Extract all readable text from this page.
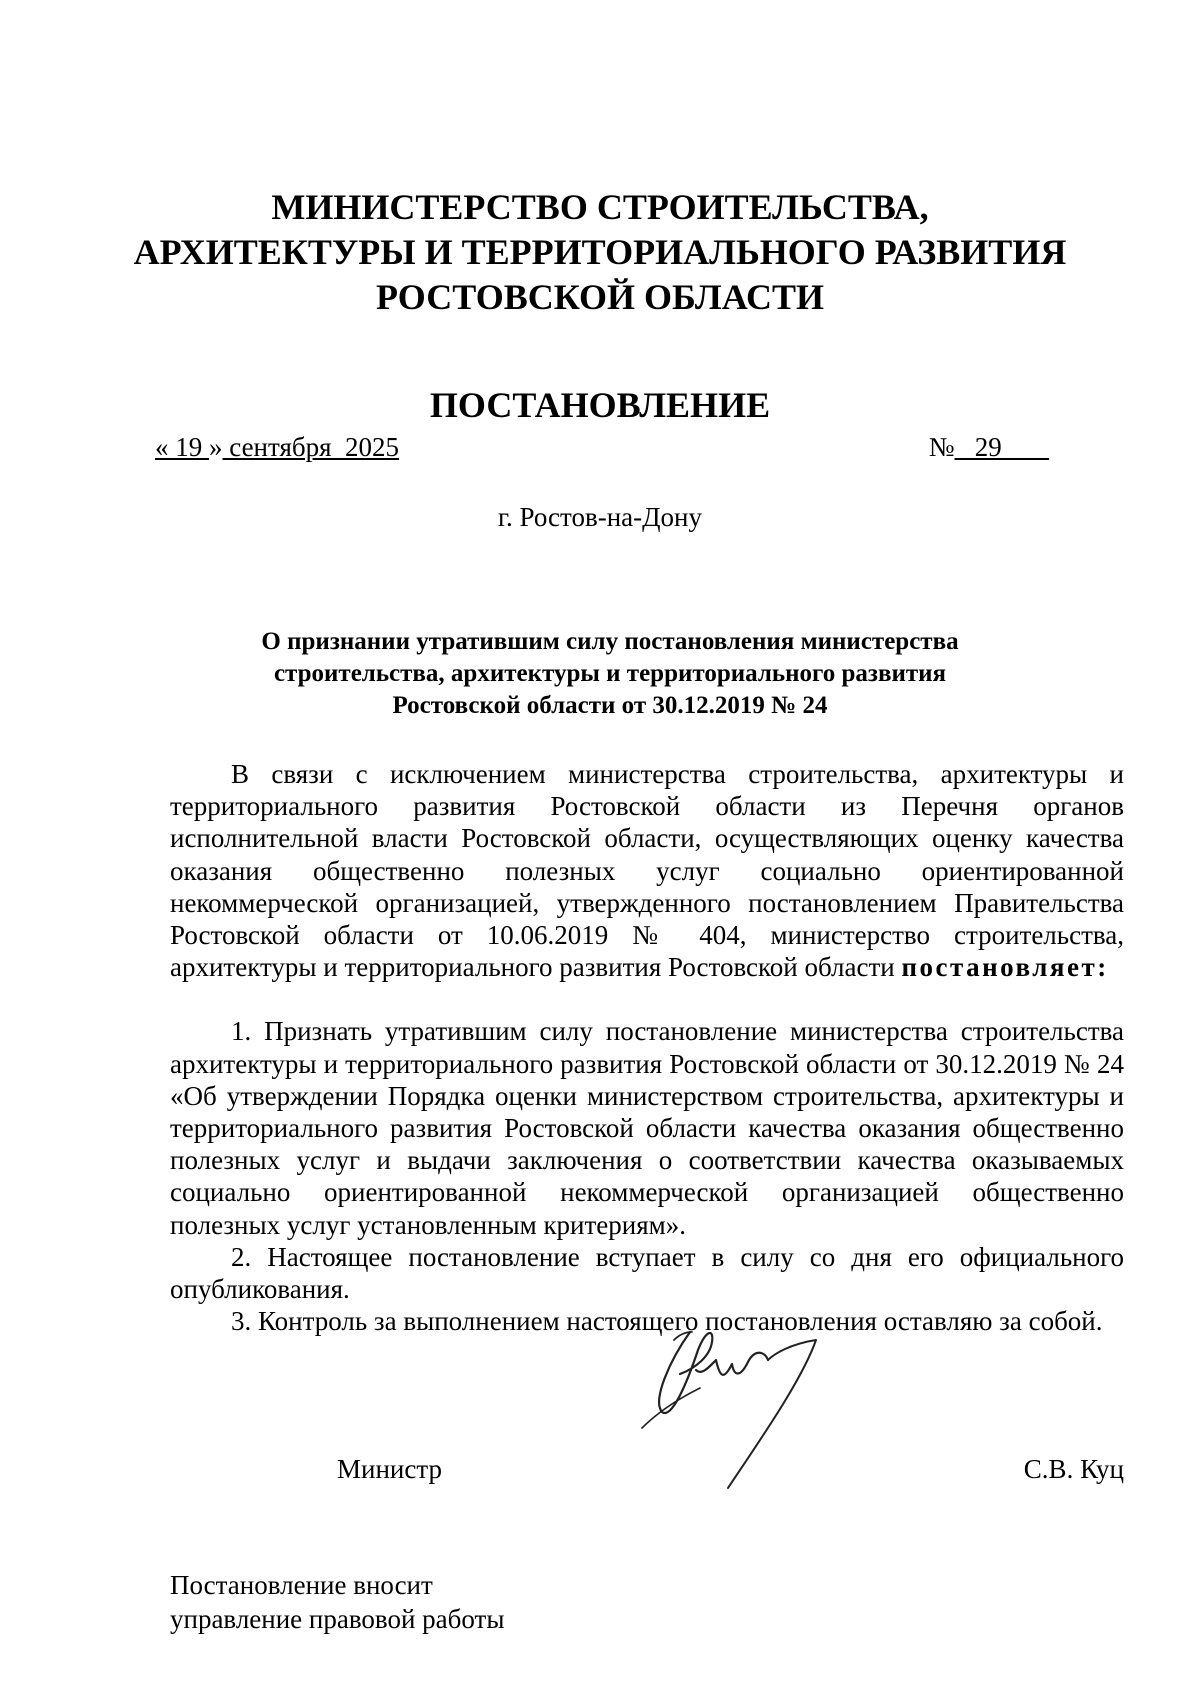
МИНИСТЕРСТВО СТРОИТЕЛЬСТВА,
АРХИТЕКТУРЫ И ТЕРРИТОРИАЛЬНОГО РАЗВИТИЯ
РОСТОВСКОЙ ОБЛАСТИ
ПОСТАНОВЛЕНИЕ
« 19 » сентября  2025	№   29     _
г. Ростов-на-Дону
О признании утратившим силу постановления министерства
строительства, архитектуры и территориального развития
Ростовской области от 30.12.2019 № 24

В связи с исключением министерства строительства, архитектуры и территориального развития Ростовской области из Перечня органов исполнительной власти Ростовской области, осуществляющих оценку качества оказания общественно полезных услуг социально ориентированной некоммерческой организацией, утвержденного постановлением Правительства Ростовской области от 10.06.2019 № 404, министерство строительства, архитектуры и территориального развития Ростовской области постановляет:

1. Признать утратившим силу постановление министерства строительства архитектуры и территориального развития Ростовской области от 30.12.2019 № 24 «Об утверждении Порядка оценки министерством строительства, архитектуры и территориального развития Ростовской области качества оказания общественно полезных услуг и выдачи заключения о соответствии качества оказываемых социально ориентированной некоммерческой организацией общественно полезных услуг установленным критериям».

2. Настоящее постановление вступает в силу со дня его официального опубликования.

3. Контроль за выполнением настоящего постановления оставляю за собой.

Министр	С.В. Куц
Постановление вносит
управление правовой работы
